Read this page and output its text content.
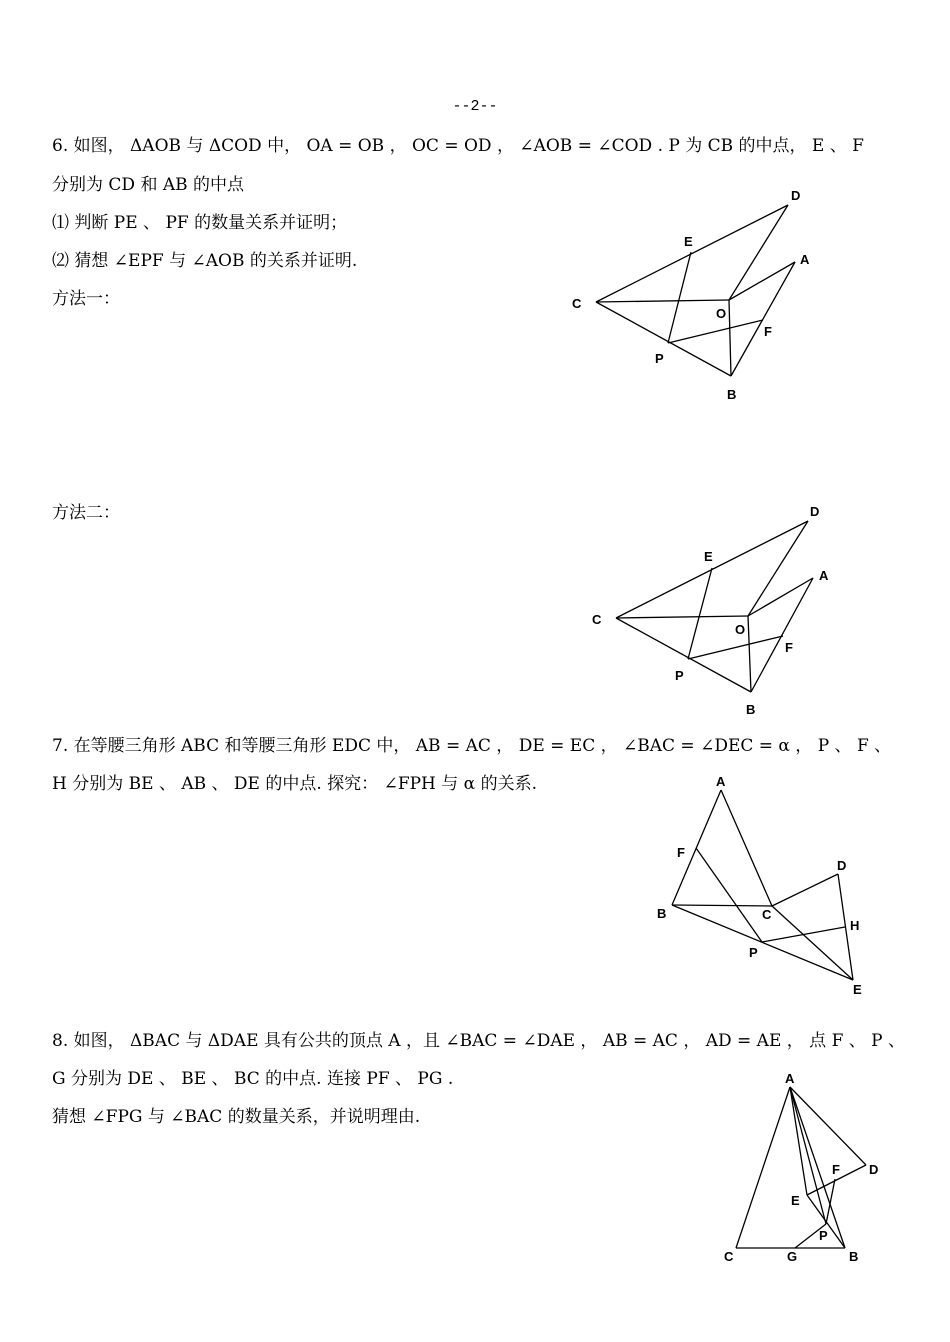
--2--
6. 如图， ΔAOB 与 ΔCOD 中， OA = OB ， OC = OD ， ∠AOB = ∠COD . P 为 CB 的中点， E 、 F
分别为 CD 和 AB 的中点
⑴ 判断 PE 、 PF 的数量关系并证明；
⑵ 猜想 ∠EPF 与 ∠AOB 的关系并证明.
方法一：
方法二：
D
E
A
C
O
F
P
B
D
E
A
C
O
F
P
B
7. 在等腰三角形 ABC 和等腰三角形 EDC 中， AB = AC ， DE = EC ， ∠BAC = ∠DEC = α ， P 、 F 、
H 分别为 BE 、 AB 、 DE 的中点. 探究： ∠FPH 与 α 的关系.	A
F
D
B	C
H
P
E
8. 如图， ΔBAC 与 ΔDAE 具有公共的顶点 A ，且 ∠BAC = ∠DAE ， AB = AC ， AD = AE ， 点 F 、 P 、
G 分别为 DE 、 BE 、 BC 的中点. 连接 PF 、 PG .
猜想 ∠FPG 与 ∠BAC 的数量关系，并说明理由.
A
F D
E
P
C	G	B
